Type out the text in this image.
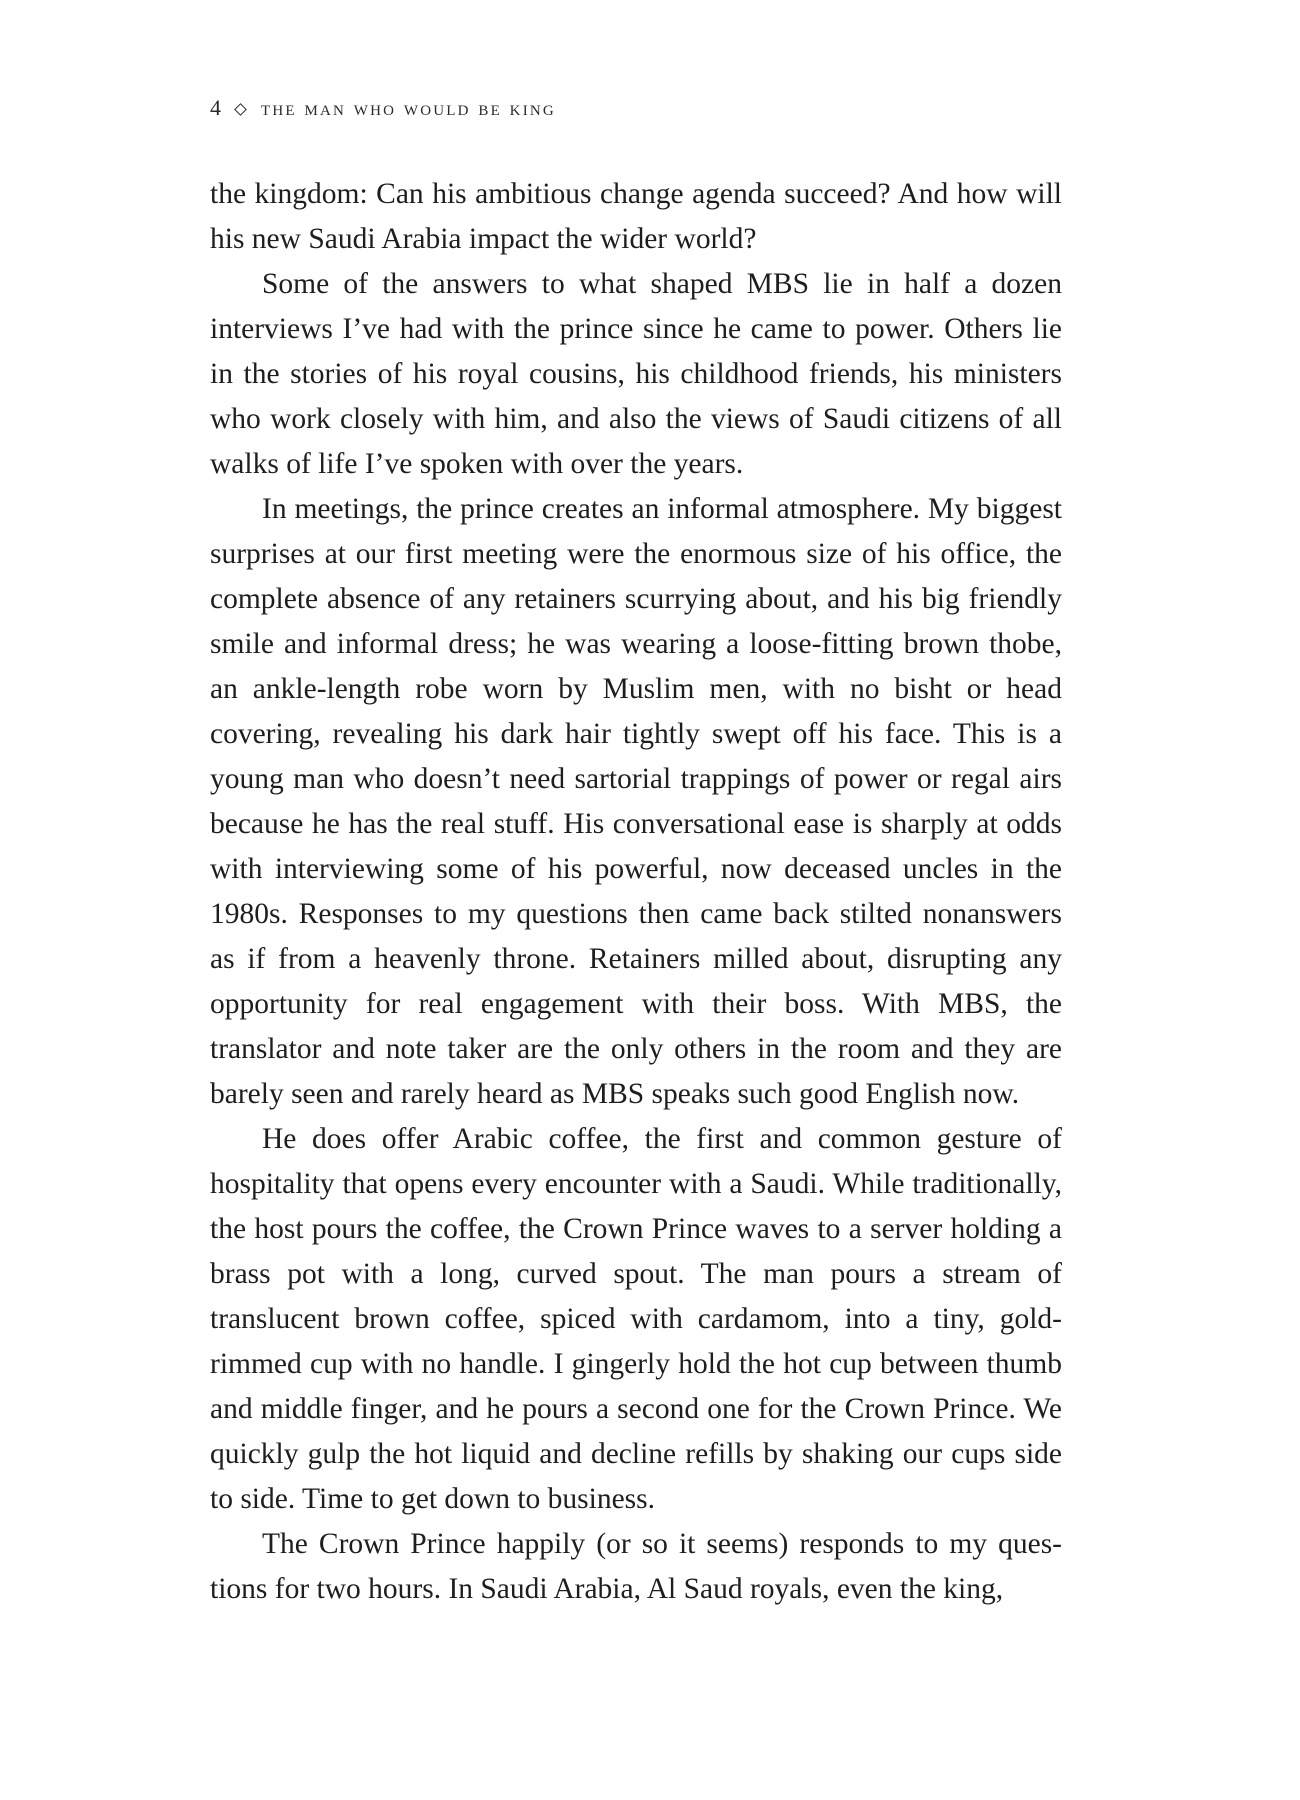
4 the man who would be king

the kingdom: Can his ambitious change agenda succeed? And how will his new Saudi Arabia impact the wider world?

Some of the answers to what shaped MBS lie in half a dozen interviews I’ve had with the prince since he came to power. Others lie in the stories of his royal cousins, his childhood friends, his ministers who work closely with him, and also the views of Saudi citizens of all walks of life I’ve spoken with over the years.

In meetings, the prince creates an informal atmosphere. My biggest surprises at our first meeting were the enormous size of his office, the complete absence of any retainers scurrying about, and his big friendly smile and informal dress; he was wearing a loose-fitting brown thobe, an ankle-length robe worn by Muslim men, with no bisht or head covering, revealing his dark hair tightly swept off his face. This is a young man who doesn’t need sartorial trappings of power or regal airs because he has the real stuff. His conversational ease is sharply at odds with interviewing some of his powerful, now deceased uncles in the 1980s. Responses to my questions then came back stilted nonanswers as if from a heavenly throne. Retainers milled about, disrupting any opportunity for real engagement with their boss. With MBS, the translator and note taker are the only others in the room and they are barely seen and rarely heard as MBS speaks such good English now.

He does offer Arabic coffee, the first and common gesture of hospitality that opens every encounter with a Saudi. While traditionally, the host pours the coffee, the Crown Prince waves to a server holding a brass pot with a long, curved spout. The man pours a stream of translucent brown coffee, spiced with cardamom, into a tiny, gold-rimmed cup with no handle. I gingerly hold the hot cup between thumb and middle finger, and he pours a second one for the Crown Prince. We quickly gulp the hot liquid and decline refills by shaking our cups side to side. Time to get down to business.

The Crown Prince happily (or so it seems) responds to my questions for two hours. In Saudi Arabia, Al Saud royals, even the king,
